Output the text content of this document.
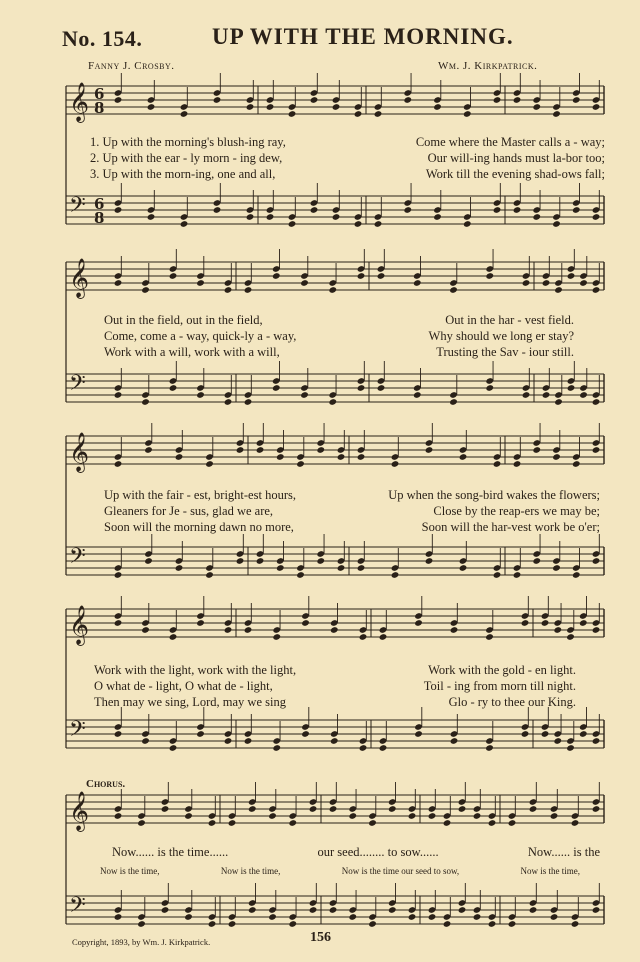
No. 154.	UP WITH THE MORNING.
Fanny J. Crosby.	Wm. J. Kirkpatrick.
𝄞
𝄢
𝄞
𝄢
𝄞
𝄢
𝄞
𝄢
𝄞
𝄢
6
8
6
8
1. Up with the morning's blush-ing ray,	Come where the Master calls a - way;
2. Up with the ear - ly morn - ing dew,	Our will-ing hands must la-bor too;
3. Up with the morn-ing, one and all,	Work till the evening shad-ows fall;
Out in the field, out in the field,	Out in the har - vest field.
Come, come a - way, quick-ly a - way,	Why should we long er stay?
Work with a will, work with a will,	Trusting the Sav - iour still.
Up with the fair - est, bright-est hours,	Up when the song-bird wakes the flowers;
Gleaners for Je - sus, glad we are,	Close by the reap-ers we may be;
Soon will the morning dawn no more,	Soon will the har-vest work be o'er;
Work with the light, work with the light,	Work with the gold - en light.
O what de - light, O what de - light,	Toil - ing from morn till night.
Then may we sing, Lord, may we sing	Glo - ry to thee our King.
Chorus.
Now...... is the time......	our seed........ to sow......	Now...... is the
Now is the time,	Now is the time,	Now is the time our seed to sow,	Now is the time,
Copyright, 1893, by Wm. J. Kirkpatrick.	156
